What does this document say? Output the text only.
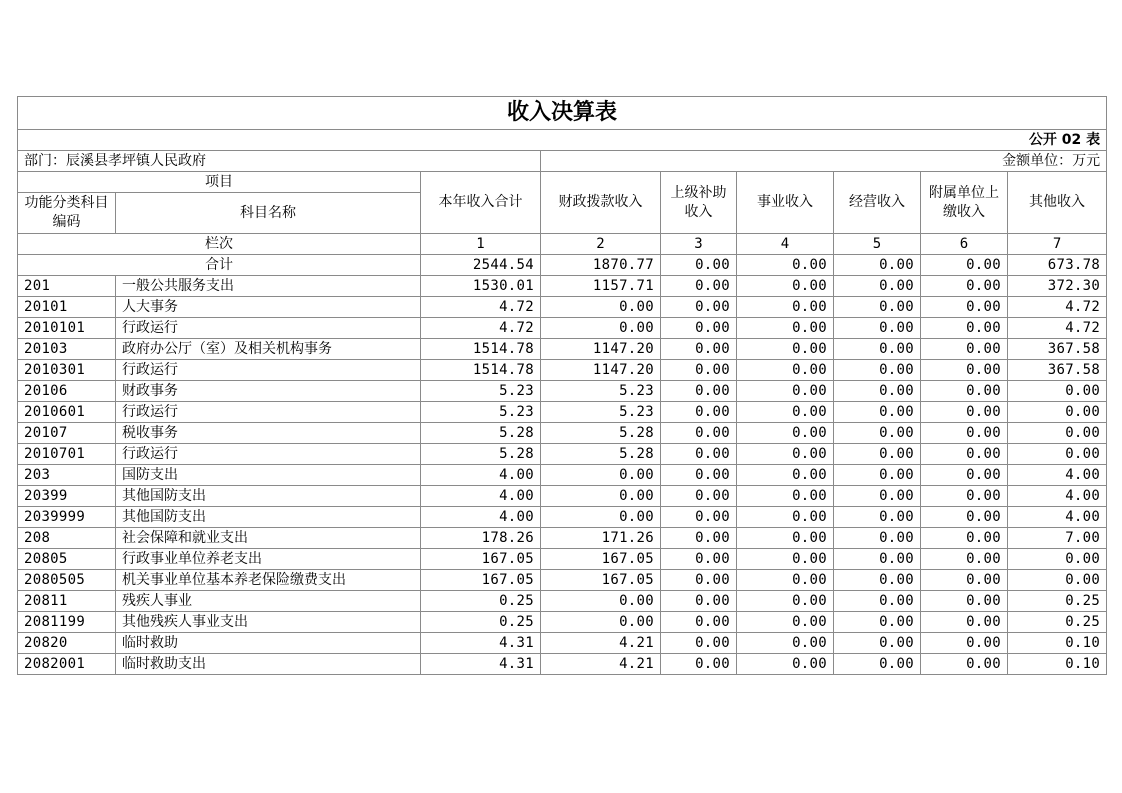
收入决算表								
公开 02 表								
部门：辰溪县孝坪镇人民政府			金额单位：万元					
项目		本年收入合计	财政拨款收入	上级补助收入	事业收入	经营收入	附属单位上缴收入	其他收入
功能分类科目编码	科目名称							
栏次		1	2	3	4	5	6	7
合计		2544.54	1870.77	0.00	0.00	0.00	0.00	673.78
201	一般公共服务支出	1530.01	1157.71	0.00	0.00	0.00	0.00	372.30
20101	人大事务	4.72	0.00	0.00	0.00	0.00	0.00	4.72
2010101	行政运行	4.72	0.00	0.00	0.00	0.00	0.00	4.72
20103	政府办公厅（室）及相关机构事务	1514.78	1147.20	0.00	0.00	0.00	0.00	367.58
2010301	行政运行	1514.78	1147.20	0.00	0.00	0.00	0.00	367.58
20106	财政事务	5.23	5.23	0.00	0.00	0.00	0.00	0.00
2010601	行政运行	5.23	5.23	0.00	0.00	0.00	0.00	0.00
20107	税收事务	5.28	5.28	0.00	0.00	0.00	0.00	0.00
2010701	行政运行	5.28	5.28	0.00	0.00	0.00	0.00	0.00
203	国防支出	4.00	0.00	0.00	0.00	0.00	0.00	4.00
20399	其他国防支出	4.00	0.00	0.00	0.00	0.00	0.00	4.00
2039999	其他国防支出	4.00	0.00	0.00	0.00	0.00	0.00	4.00
208	社会保障和就业支出	178.26	171.26	0.00	0.00	0.00	0.00	7.00
20805	行政事业单位养老支出	167.05	167.05	0.00	0.00	0.00	0.00	0.00
2080505	机关事业单位基本养老保险缴费支出	167.05	167.05	0.00	0.00	0.00	0.00	0.00
20811	残疾人事业	0.25	0.00	0.00	0.00	0.00	0.00	0.25
2081199	其他残疾人事业支出	0.25	0.00	0.00	0.00	0.00	0.00	0.25
20820	临时救助	4.31	4.21	0.00	0.00	0.00	0.00	0.10
2082001	临时救助支出	4.31	4.21	0.00	0.00	0.00	0.00	0.10
